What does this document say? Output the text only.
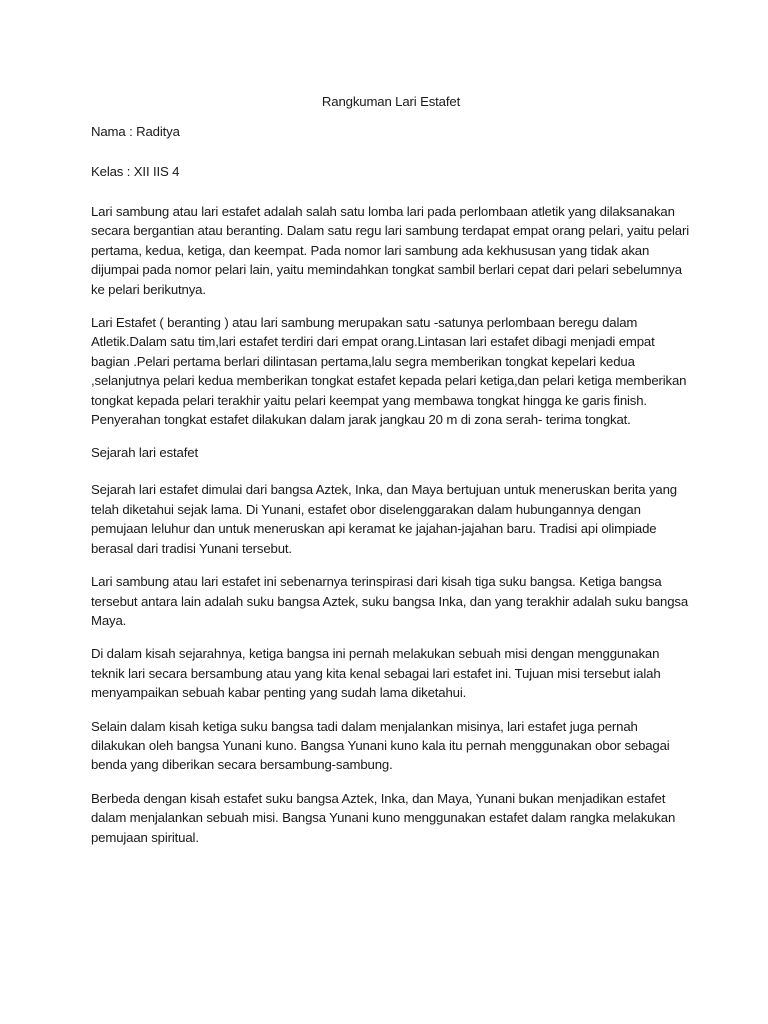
Rangkuman Lari Estafet
Nama : Raditya
Kelas : XII IIS 4

Lari sambung atau lari estafet adalah salah satu lomba lari pada perlombaan atletik yang dilaksanakan secara bergantian atau beranting. Dalam satu regu lari sambung terdapat empat orang pelari, yaitu pelari pertama, kedua, ketiga, dan keempat. Pada nomor lari sambung ada kekhususan yang tidak akan dijumpai pada nomor pelari lain, yaitu memindahkan tongkat sambil berlari cepat dari pelari sebelumnya ke pelari berikutnya.

Lari Estafet ( beranting ) atau lari sambung merupakan satu -satunya perlombaan beregu dalam Atletik.Dalam satu tim,lari estafet terdiri dari empat orang.Lintasan lari estafet dibagi menjadi empat bagian .Pelari pertama berlari dilintasan pertama,lalu segra memberikan tongkat kepelari kedua ,selanjutnya pelari kedua memberikan tongkat estafet kepada pelari ketiga,dan pelari ketiga memberikan tongkat kepada pelari terakhir yaitu pelari keempat yang membawa tongkat hingga ke garis finish. Penyerahan tongkat estafet dilakukan dalam jarak jangkau 20 m di zona serah- terima tongkat.

Sejarah lari estafet

Sejarah lari estafet dimulai dari bangsa Aztek, Inka, dan Maya bertujuan untuk meneruskan berita yang telah diketahui sejak lama. Di Yunani, estafet obor diselenggarakan dalam hubungannya dengan pemujaan leluhur dan untuk meneruskan api keramat ke jajahan-jajahan baru. Tradisi api olimpiade berasal dari tradisi Yunani tersebut.

Lari sambung atau lari estafet ini sebenarnya terinspirasi dari kisah tiga suku bangsa. Ketiga bangsa tersebut antara lain adalah suku bangsa Aztek, suku bangsa Inka, dan yang terakhir adalah suku bangsa Maya.

Di dalam kisah sejarahnya, ketiga bangsa ini pernah melakukan sebuah misi dengan menggunakan teknik lari secara bersambung atau yang kita kenal sebagai lari estafet ini. Tujuan misi tersebut ialah menyampaikan sebuah kabar penting yang sudah lama diketahui.

Selain dalam kisah ketiga suku bangsa tadi dalam menjalankan misinya, lari estafet juga pernah dilakukan oleh bangsa Yunani kuno. Bangsa Yunani kuno kala itu pernah menggunakan obor sebagai benda yang diberikan secara bersambung-sambung.

Berbeda dengan kisah estafet suku bangsa Aztek, Inka, dan Maya, Yunani bukan menjadikan estafet dalam menjalankan sebuah misi. Bangsa Yunani kuno menggunakan estafet dalam rangka melakukan pemujaan spiritual.
